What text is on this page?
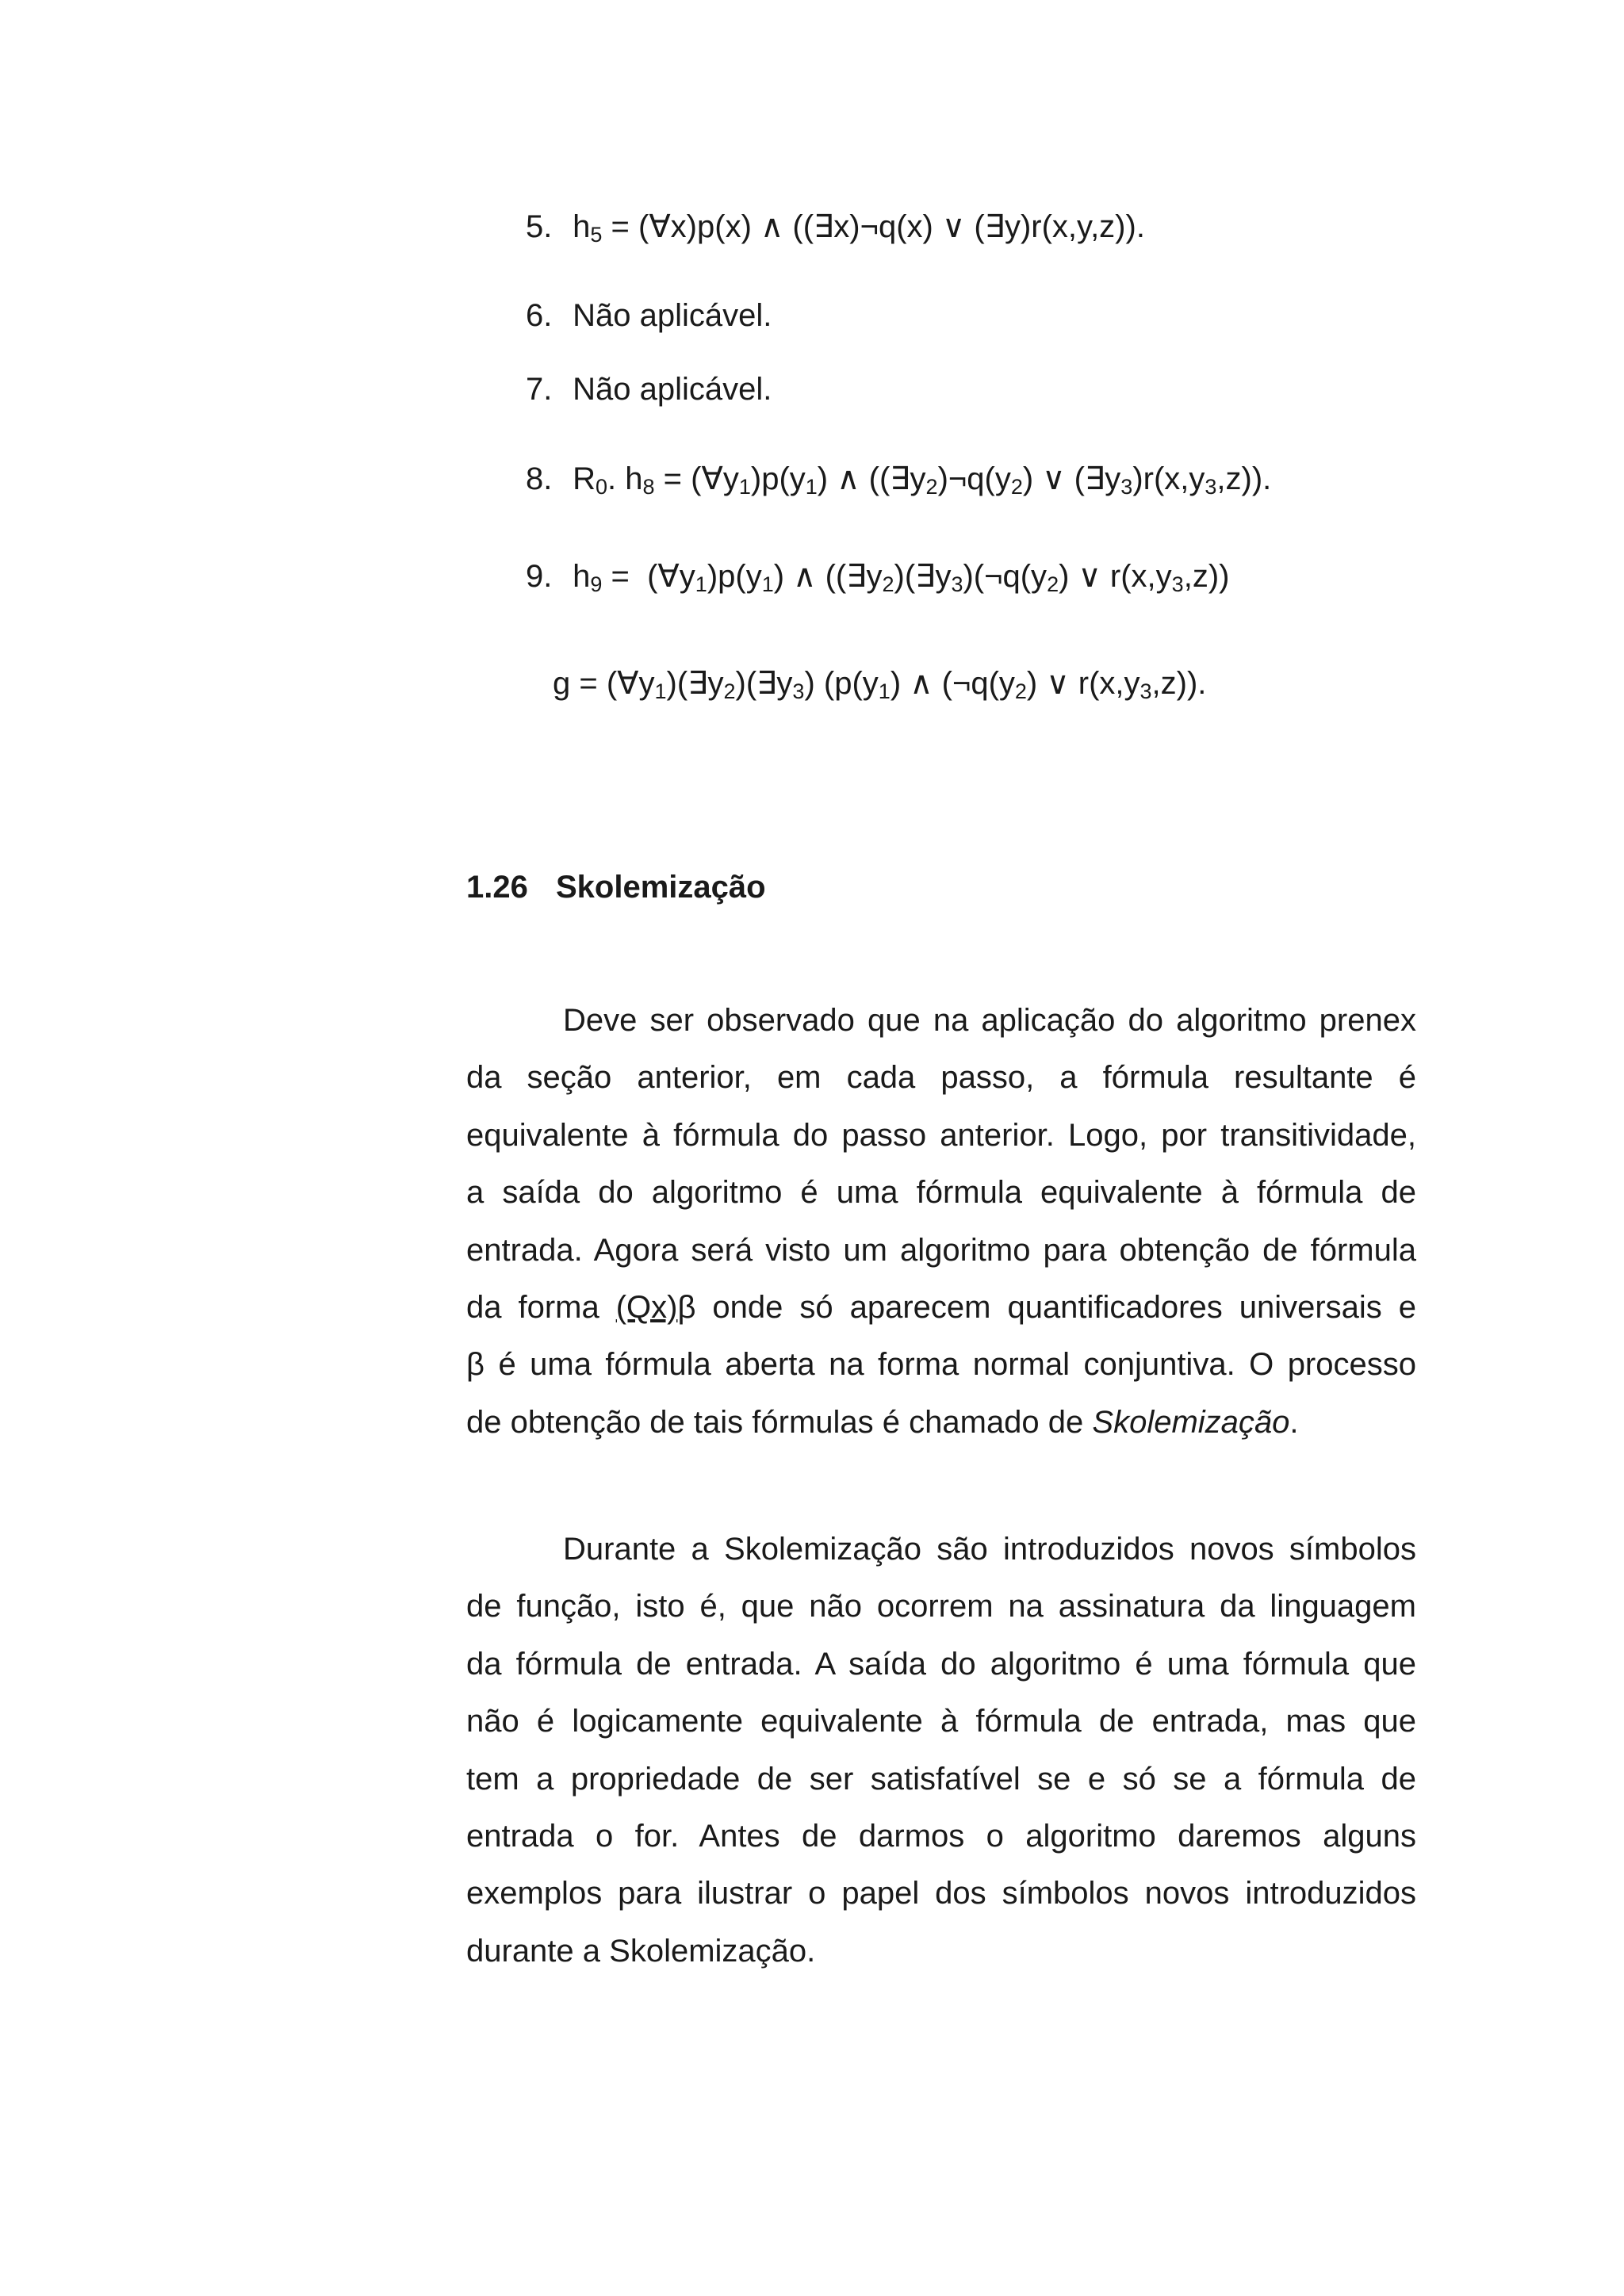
5. $h_5$ = (∀x)p(x) ∧ ((∃x)¬q(x) ∨ (∃y)r(x,y,z)).
6. Não aplicável.
7. Não aplicável.
8. $R_0$. $h_8$ = $(\forall y_1)p(y_1)$ ∧ ($(\exists y_2)\neg q(y_2)$ ∨ $(\exists y_3)r(x,y_3,z)$).
9. $h_9$ =  $(\forall y_1)p(y_1)$ ∧ ($(\exists y_2)(\exists y_3)(\neg q(y_2)$ ∨ $r(x,y_3,z)$)
$g = (\forall y_1)(\exists y_2)(\exists y_3)$ ($p(y_1)$ ∧ ($\neg q(y_2)$ ∨ $r(x,y_3,z)$).
1.26 Skolemização
Deve ser observado que na aplicação do algoritmo prenex
da seção anterior, em cada passo, a fórmula resultante é
equivalente à fórmula do passo anterior. Logo, por transitividade,
a saída do algoritmo é uma fórmula equivalente à fórmula de
entrada. Agora será visto um algoritmo para obtenção de fórmula
da forma (Qx)β onde só aparecem quantificadores universais e
β é uma fórmula aberta na forma normal conjuntiva. O processo
de obtenção de tais fórmulas é chamado de Skolemização.
Durante a Skolemização são introduzidos novos símbolos
de função, isto é, que não ocorrem na assinatura da linguagem
da fórmula de entrada. A saída do algoritmo é uma fórmula que
não é logicamente equivalente à fórmula de entrada, mas que
tem a propriedade de ser satisfatível se e só se a fórmula de
entrada o for. Antes de darmos o algoritmo daremos alguns
exemplos para ilustrar o papel dos símbolos novos introduzidos
durante a Skolemização.
